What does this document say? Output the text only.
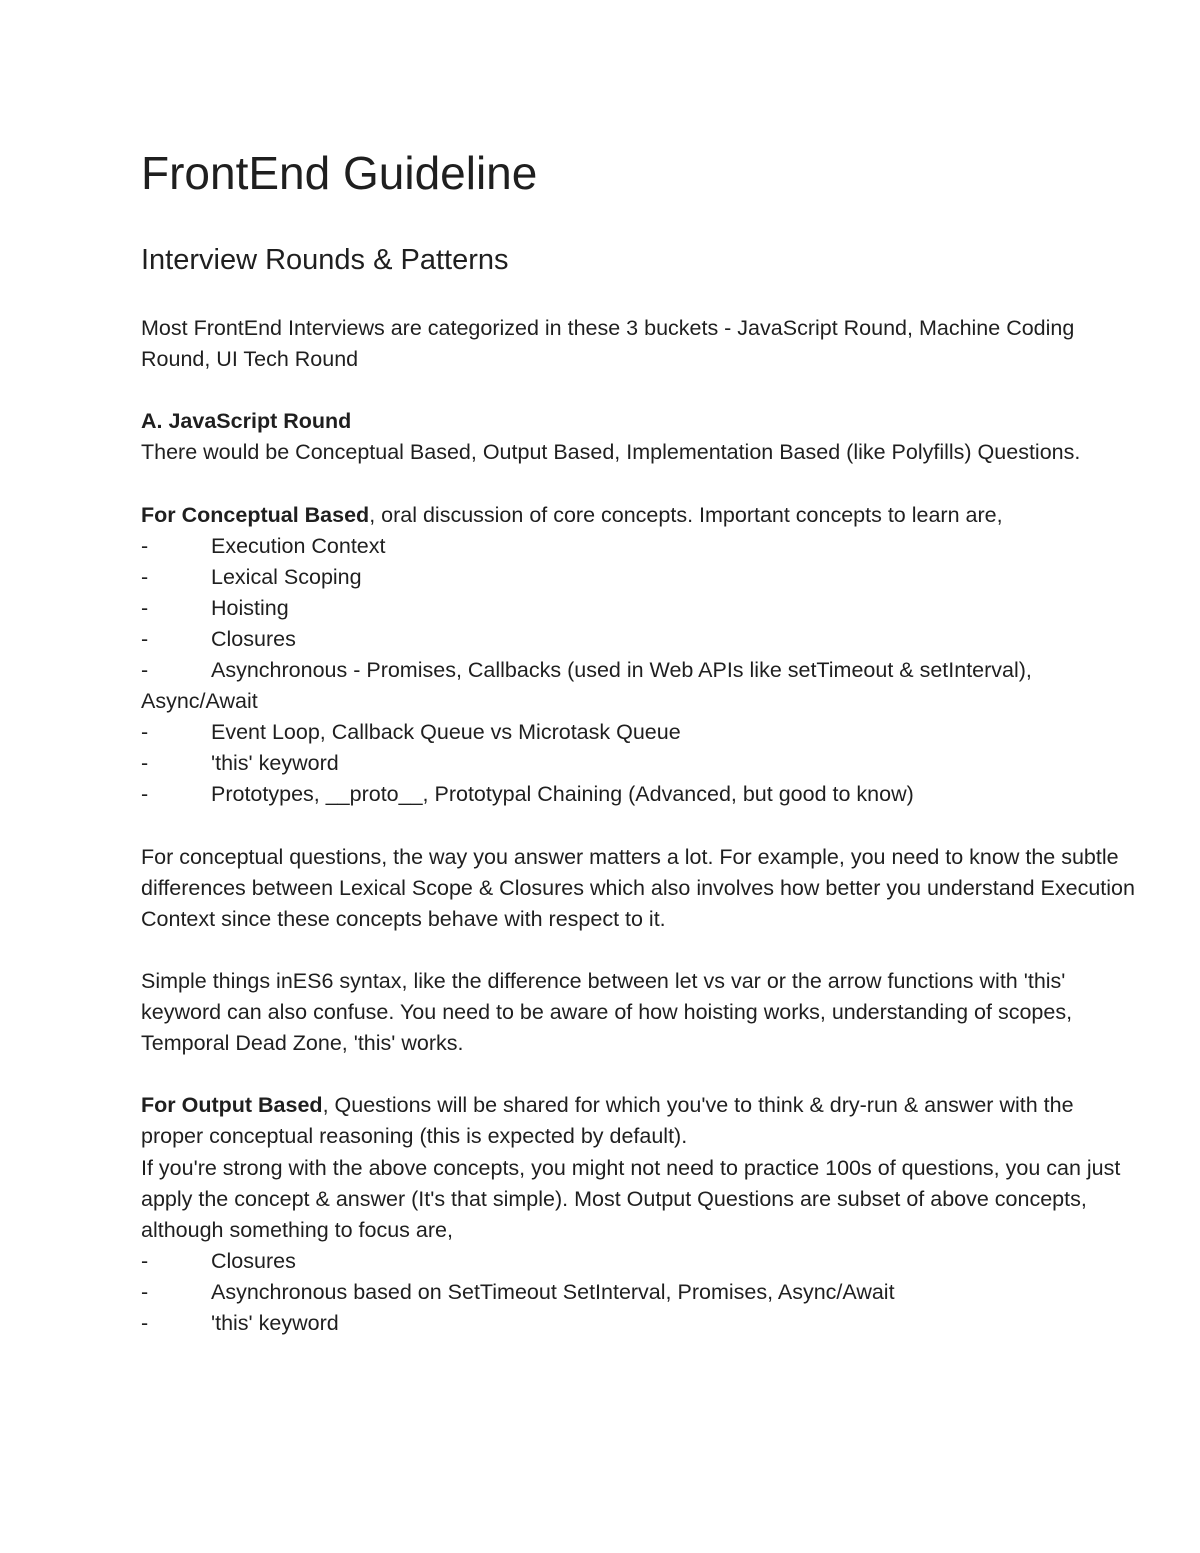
FrontEnd Guideline
Interview Rounds & Patterns

Most FrontEnd Interviews are categorized in these 3 buckets - JavaScript Round, Machine Coding Round, UI Tech Round

A. JavaScript Round

There would be Conceptual Based, Output Based, Implementation Based (like Polyfills) Questions.

For Conceptual Based, oral discussion of core concepts. Important concepts to learn are,

-	Execution Context
-	Lexical Scoping
-	Hoisting
-	Closures
-	Asynchronous - Promises, Callbacks (used in Web APIs like setTimeout & setInterval),
Async/Await
-	Event Loop, Callback Queue vs Microtask Queue
-	'this' keyword
-	Prototypes, __proto__, Prototypal Chaining (Advanced, but good to know)

For conceptual questions, the way you answer matters a lot. For example, you need to know the subtle differences between Lexical Scope & Closures which also involves how better you understand Execution Context since these concepts behave with respect to it.

Simple things inES6 syntax, like the difference between let vs var or the arrow functions with 'this' keyword can also confuse. You need to be aware of how hoisting works, understanding of scopes, Temporal Dead Zone, 'this' works.

For Output Based, Questions will be shared for which you've to think & dry-run & answer with the proper conceptual reasoning (this is expected by default).

If you're strong with the above concepts, you might not need to practice 100s of questions, you can just apply the concept & answer (It's that simple). Most Output Questions are subset of above concepts, although something to focus are,

-	Closures
-	Asynchronous based on SetTimeout SetInterval, Promises, Async/Await
-	'this' keyword
